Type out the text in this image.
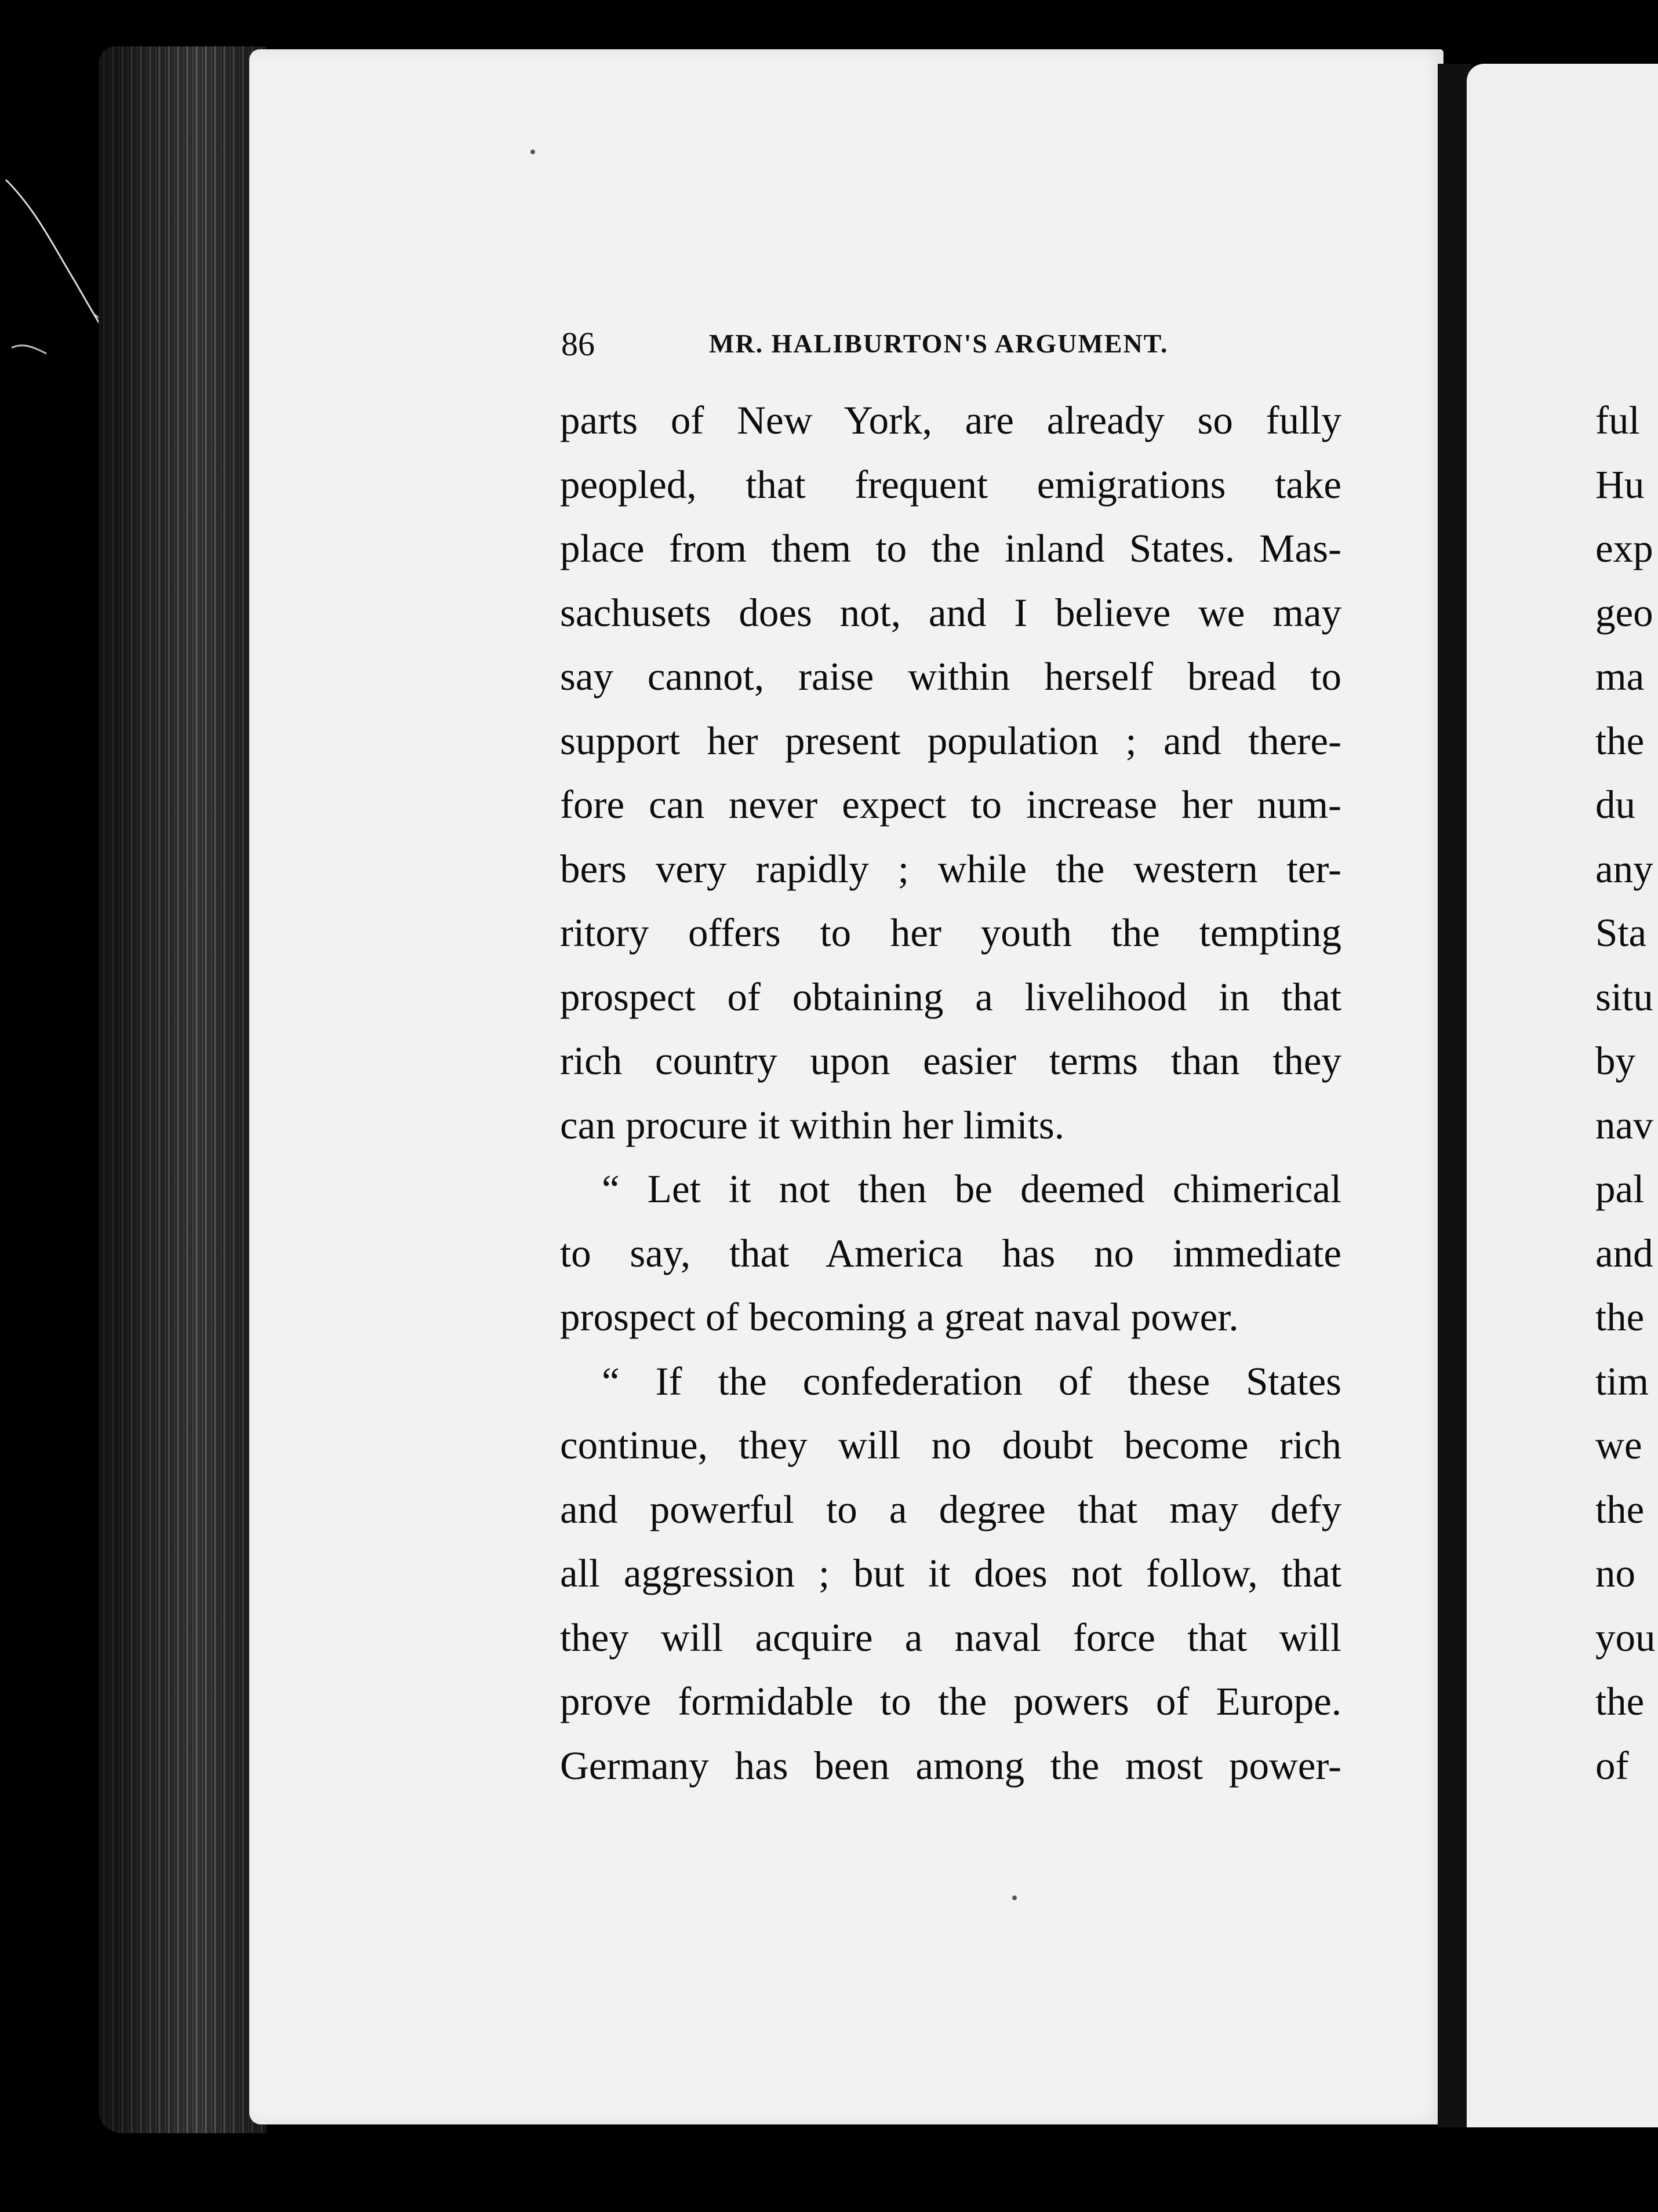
86	MR. HALIBURTON'S ARGUMENT.
parts of New York, are already so fully
peopled, that frequent emigrations take
place from them to the inland States. Mas-
sachusets does not, and I believe we may
say cannot, raise within herself bread to
support her present population ; and there-
fore can never expect to increase her num-
bers very rapidly ; while the western ter-
ritory offers to her youth the tempting
prospect of obtaining a livelihood in that
rich country upon easier terms than they
can procure it within her limits.
“ Let it not then be deemed chimerical
to say, that America has no immediate
prospect of becoming a great naval power.
“ If the confederation of these States
continue, they will no doubt become rich
and powerful to a degree that may defy
all aggression ; but it does not follow, that
they will acquire a naval force that will
prove formidable to the powers of Europe.
Germany has been among the most power-
ful
Hu
exp
geo
ma
the
du
any
Sta
situ
by
nav
pal
and
the
tim
we
the
no
you
the
of
